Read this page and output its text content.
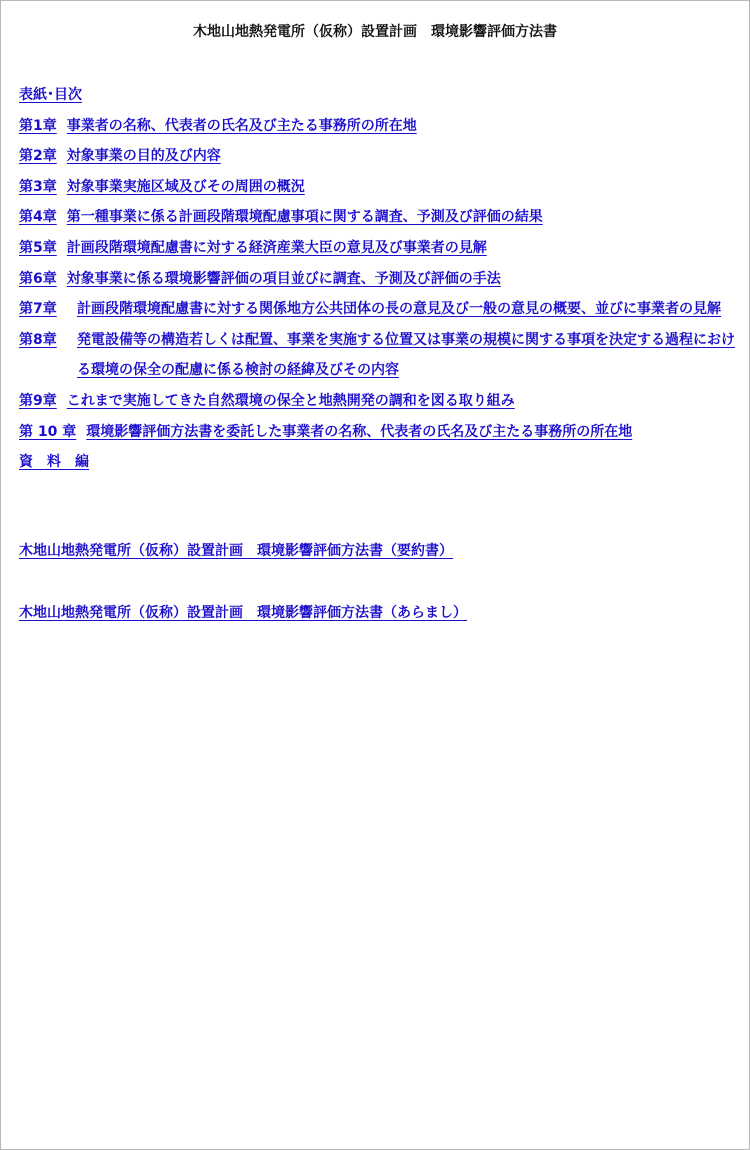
木地山地熱発電所（仮称）設置計画　環境影響評価方法書
表紙･目次
第1章 事業者の名称、代表者の氏名及び主たる事務所の所在地
第2章 対象事業の目的及び内容
第3章 対象事業実施区域及びその周囲の概況
第4章 第一種事業に係る計画段階環境配慮事項に関する調査、予測及び評価の結果
第5章 計画段階環境配慮書に対する経済産業大臣の意見及び事業者の見解
第6章 対象事業に係る環境影響評価の項目並びに調査、予測及び評価の手法
第7章	計画段階環境配慮書に対する関係地方公共団体の長の意見及び一般の意見の概要、並びに事業者の見解
第8章	発電設備等の構造若しくは配置、事業を実施する位置又は事業の規模に関する事項を決定する過程における環境の保全の配慮に係る検討の経緯及びその内容
第9章 これまで実施してきた自然環境の保全と地熱開発の調和を図る取り組み
第 10 章 環境影響評価方法書を委託した事業者の名称、代表者の氏名及び主たる事務所の所在地
資　料　編
木地山地熱発電所（仮称）設置計画　環境影響評価方法書（要約書）
木地山地熱発電所（仮称）設置計画　環境影響評価方法書（あらまし）
